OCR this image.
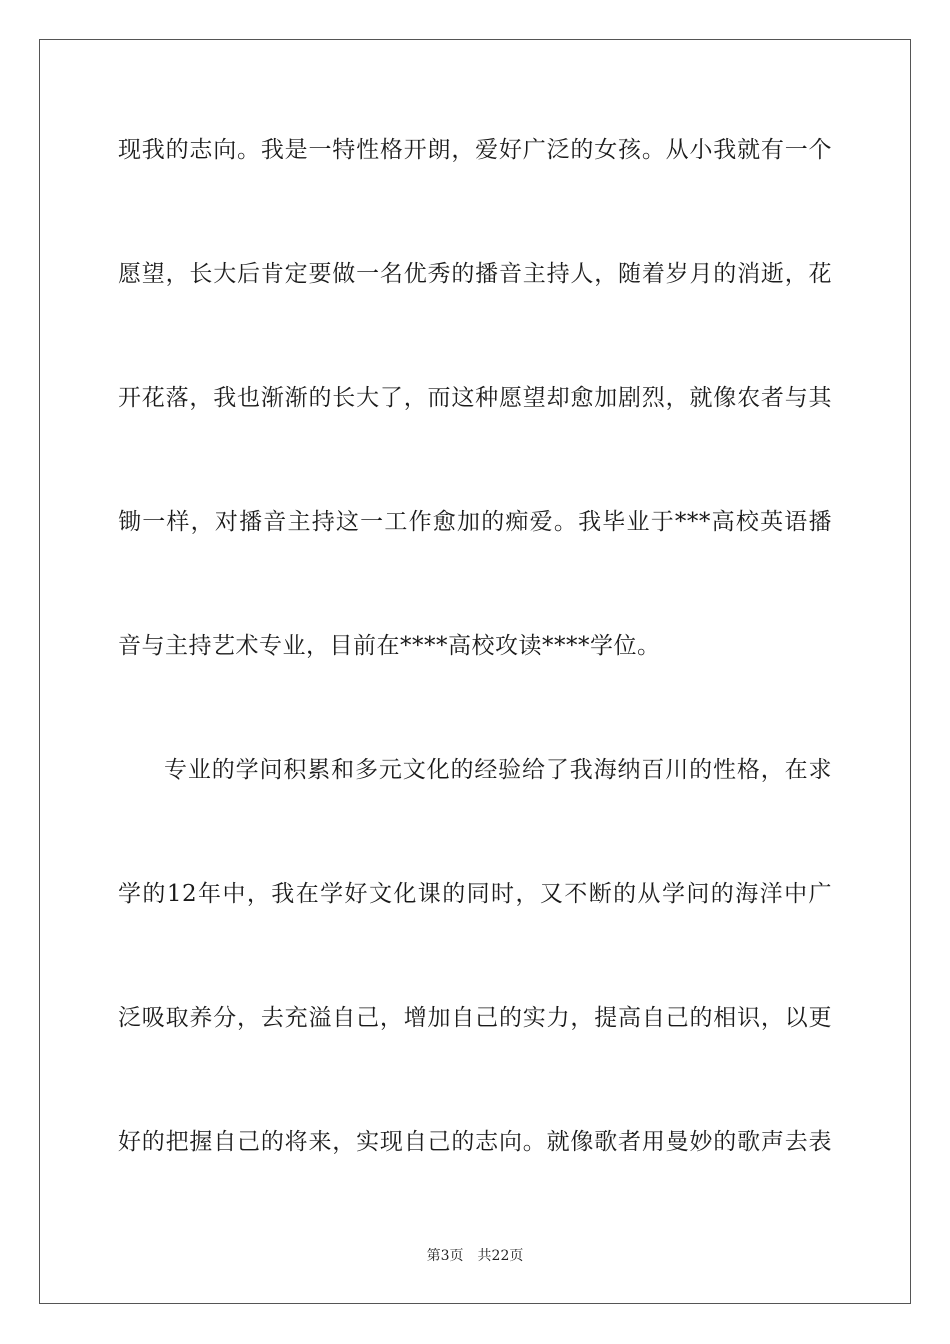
现我的志向。我是一特性格开朗，爱好广泛的女孩。从小我就有一个
愿望，长大后肯定要做一名优秀的播音主持人，随着岁月的消逝，花
开花落，我也渐渐的长大了，而这种愿望却愈加剧烈，就像农者与其
锄一样，对播音主持这一工作愈加的痴爱。我毕业于***高校英语播
音与主持艺术专业，目前在****高校攻读****学位。
专业的学问积累和多元文化的经验给了我海纳百川的性格，在求
学的12年中，我在学好文化课的同时，又不断的从学问的海洋中广
泛吸取养分，去充溢自己，增加自己的实力，提高自己的相识，以更
好的把握自己的将来，实现自己的志向。就像歌者用曼妙的歌声去表
第3页 共22页
